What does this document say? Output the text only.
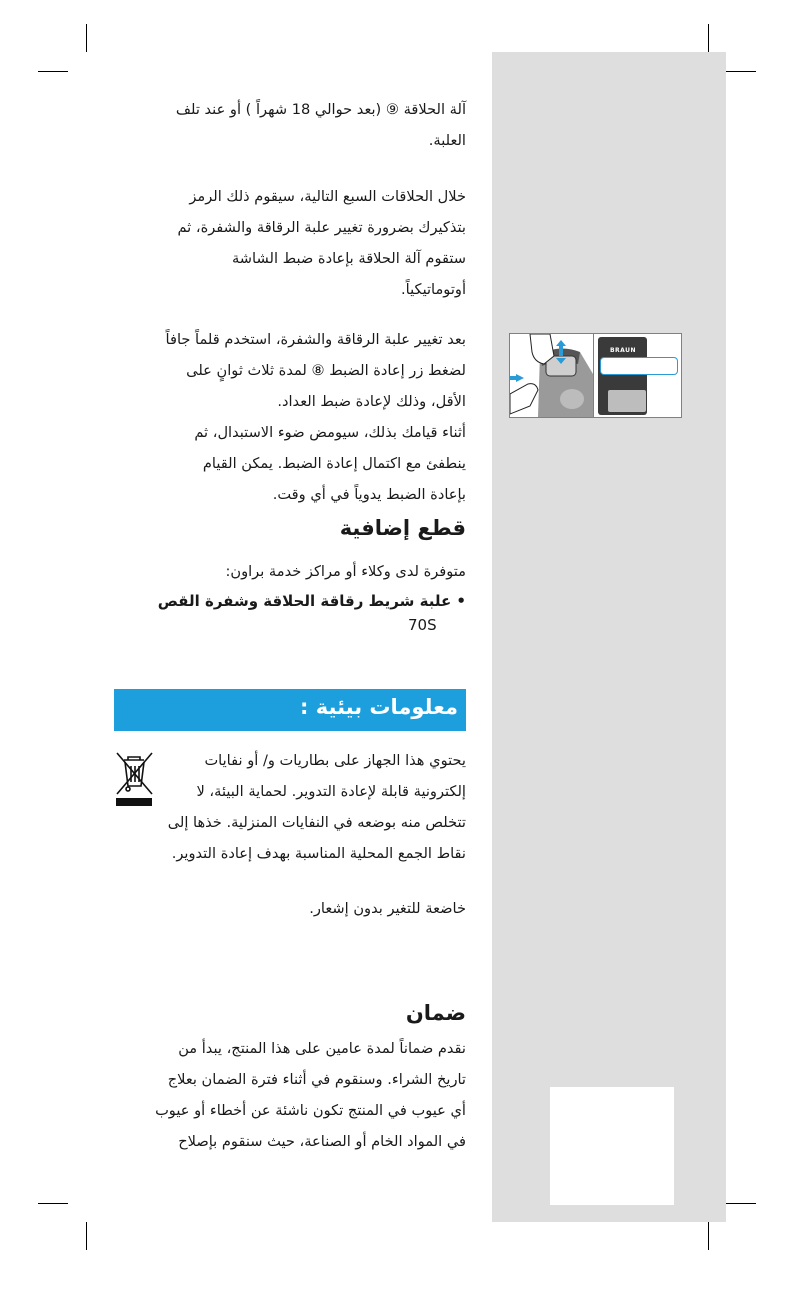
BRAUN
آلة الحلاقة ⑨ (بعد حوالي 18 شهراً ) أو عند تلف
العلبة.
خلال الحلاقات السبع التالية، سيقوم ذلك الرمز
بتذكيرك بضرورة تغيير علبة الرقاقة والشفرة، ثم
ستقوم آلة الحلاقة بإعادة ضبط الشاشة
أوتوماتيكياً.
بعد تغيير علبة الرقاقة والشفرة، استخدم قلماً جافاً
لضغط زر إعادة الضبط ⑧ لمدة ثلاث ثوانٍ على
الأقل، وذلك لإعادة ضبط العداد.
أثناء قيامك بذلك، سيومض ضوء الاستبدال، ثم
ينطفئ مع اكتمال إعادة الضبط. يمكن القيام
بإعادة الضبط يدوياً في أي وقت.
قطع إضافية
متوفرة لدى وكلاء أو مراكز خدمة براون:
• علبة شريط رقاقة الحلاقة وشفرة القص
70S
معلومات بيئية :
يحتوي هذا الجهاز على بطاريات و/ أو نفايات
إلكترونية قابلة لإعادة التدوير. لحماية البيئة، لا
تتخلص منه بوضعه في النفايات المنزلية. خذها إلى
نقاط الجمع المحلية المناسبة بهدف إعادة التدوير.
خاضعة للتغير بدون إشعار.
ضمان
نقدم ضماناً لمدة عامين على هذا المنتج، يبدأ من
تاريخ الشراء. وسنقوم في أثناء فترة الضمان بعلاج
أي عيوب في المنتج تكون ناشئة عن أخطاء أو عيوب
في المواد الخام أو الصناعة، حيث سنقوم بإصلاح
